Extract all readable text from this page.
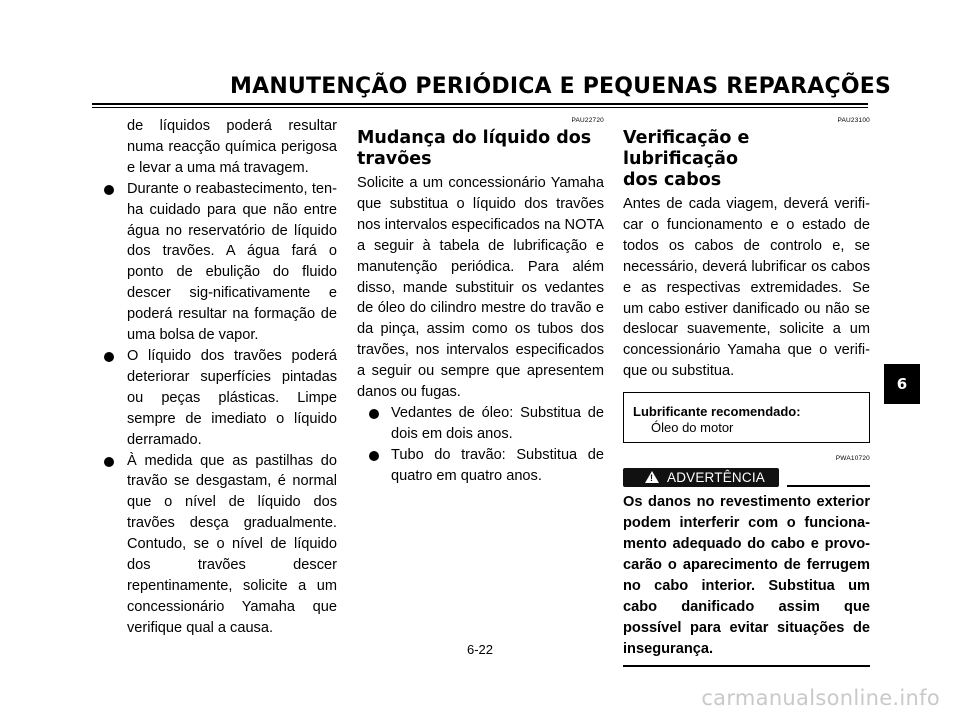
MANUTENÇÃO PERIÓDICA E PEQUENAS REPARAÇÕES
de líquidos poderá resultar numa reacção química perigosa e levar a uma má travagem.
Durante o reabastecimento, ten-ha cuidado para que não entre água no reservatório de líquido dos travões. A água fará o ponto de ebulição do fluido descer sig-nificativamente e poderá resultar na formação de uma bolsa de vapor.
O líquido dos travões poderá deteriorar superfícies pintadas ou peças plásticas. Limpe sempre de imediato o líquido derramado.
À medida que as pastilhas do travão se desgastam, é normal que o nível de líquido dos travões desça gradualmente. Contudo, se o nível de líquido dos travões descer repentinamente, solicite a um concessionário Yamaha que verifique qual a causa.
PAU22720
Mudança do líquido dos
travões
Solicite a um concessionário Yamaha que substitua o líquido dos travões nos intervalos especificados na NOTA a seguir à tabela de lubrificação e manutenção periódica. Para além disso, mande substituir os vedantes de óleo do cilindro mestre do travão e da pinça, assim como os tubos dos travões, nos intervalos especificados a seguir ou sempre que apresentem danos ou fugas.
Vedantes de óleo: Substitua de dois em dois anos.
Tubo do travão: Substitua de quatro em quatro anos.
PAU23100
Verificação e lubrificação
dos cabos
Antes de cada viagem, deverá verifi-car o funcionamento e o estado de todos os cabos de controlo e, se necessário, deverá lubrificar os cabos e as respectivas extremidades. Se um cabo estiver danificado ou não se deslocar suavemente, solicite a um concessionário Yamaha que o verifi-que ou substitua.
Lubrificante recomendado:
Óleo do motor
PWA10720
! ADVERTÊNCIA
Os danos no revestimento exterior podem interferir com o funciona-mento adequado do cabo e provo-carão o aparecimento de ferrugem no cabo interior. Substitua um cabo danificado assim que possível para evitar situações de insegurança.
6
6-22
carmanualsonline.info
